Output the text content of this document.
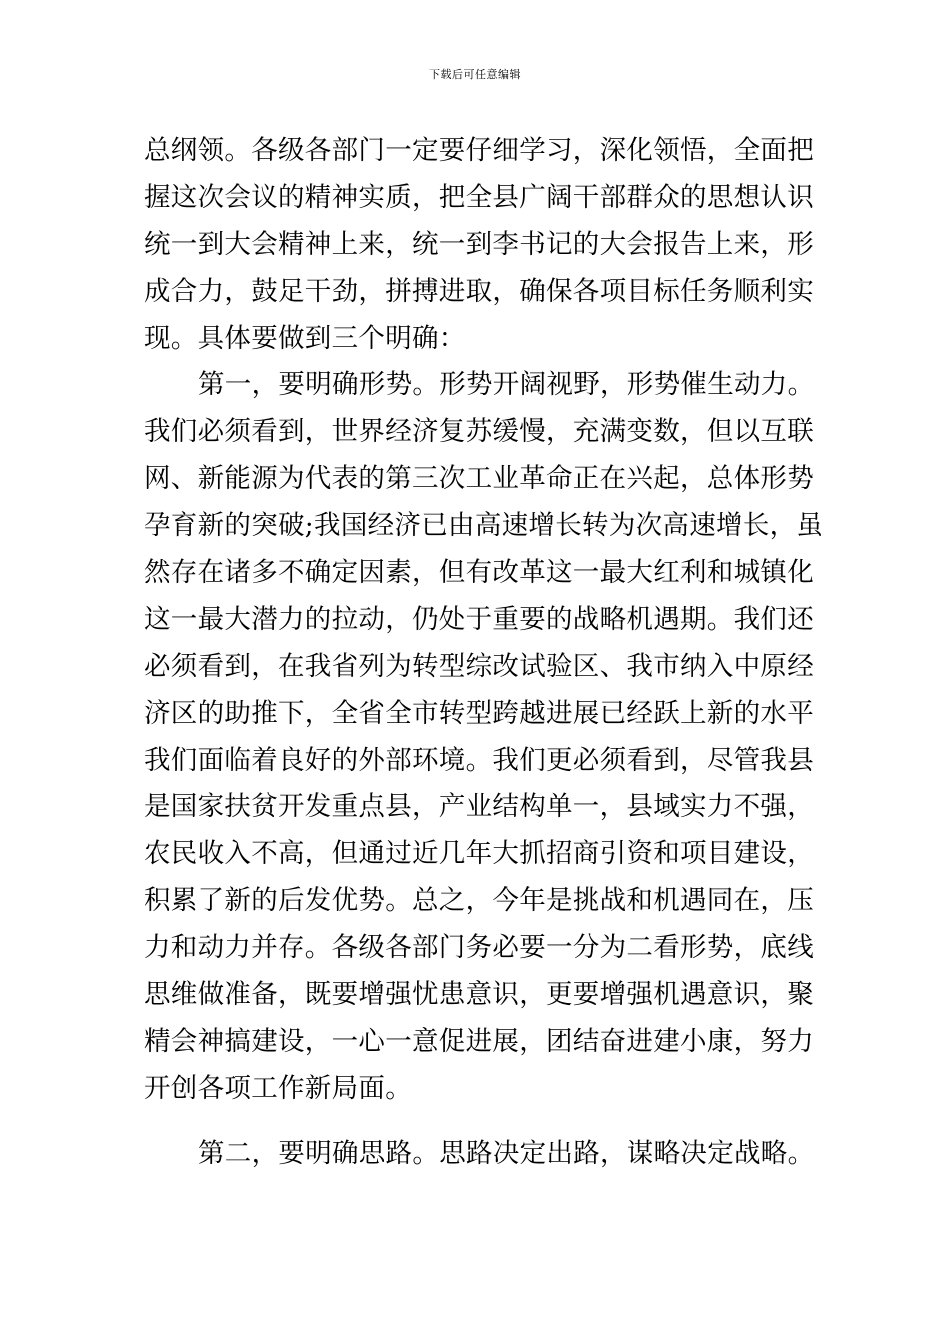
下载后可任意编辑
总纲领。各级各部门一定要仔细学习，深化领悟，全面把
握这次会议的精神实质，把全县广阔干部群众的思想认识
统一到大会精神上来，统一到李书记的大会报告上来，形
成合力，鼓足干劲，拼搏进取，确保各项目标任务顺利实
现。具体要做到三个明确：
第一，要明确形势。形势开阔视野，形势催生动力。
我们必须看到，世界经济复苏缓慢，充满变数，但以互联
网、新能源为代表的第三次工业革命正在兴起，总体形势
孕育新的突破;我国经济已由高速增长转为次高速增长，虽
然存在诸多不确定因素，但有改革这一最大红利和城镇化
这一最大潜力的拉动，仍处于重要的战略机遇期。我们还
必须看到，在我省列为转型综改试验区、我市纳入中原经
济区的助推下，全省全市转型跨越进展已经跃上新的水平
我们面临着良好的外部环境。我们更必须看到，尽管我县
是国家扶贫开发重点县，产业结构单一，县域实力不强，
农民收入不高，但通过近几年大抓招商引资和项目建设，
积累了新的后发优势。总之，今年是挑战和机遇同在，压
力和动力并存。各级各部门务必要一分为二看形势，底线
思维做准备，既要增强忧患意识，更要增强机遇意识，聚
精会神搞建设，一心一意促进展，团结奋进建小康，努力
开创各项工作新局面。
第二，要明确思路。思路决定出路，谋略决定战略。
